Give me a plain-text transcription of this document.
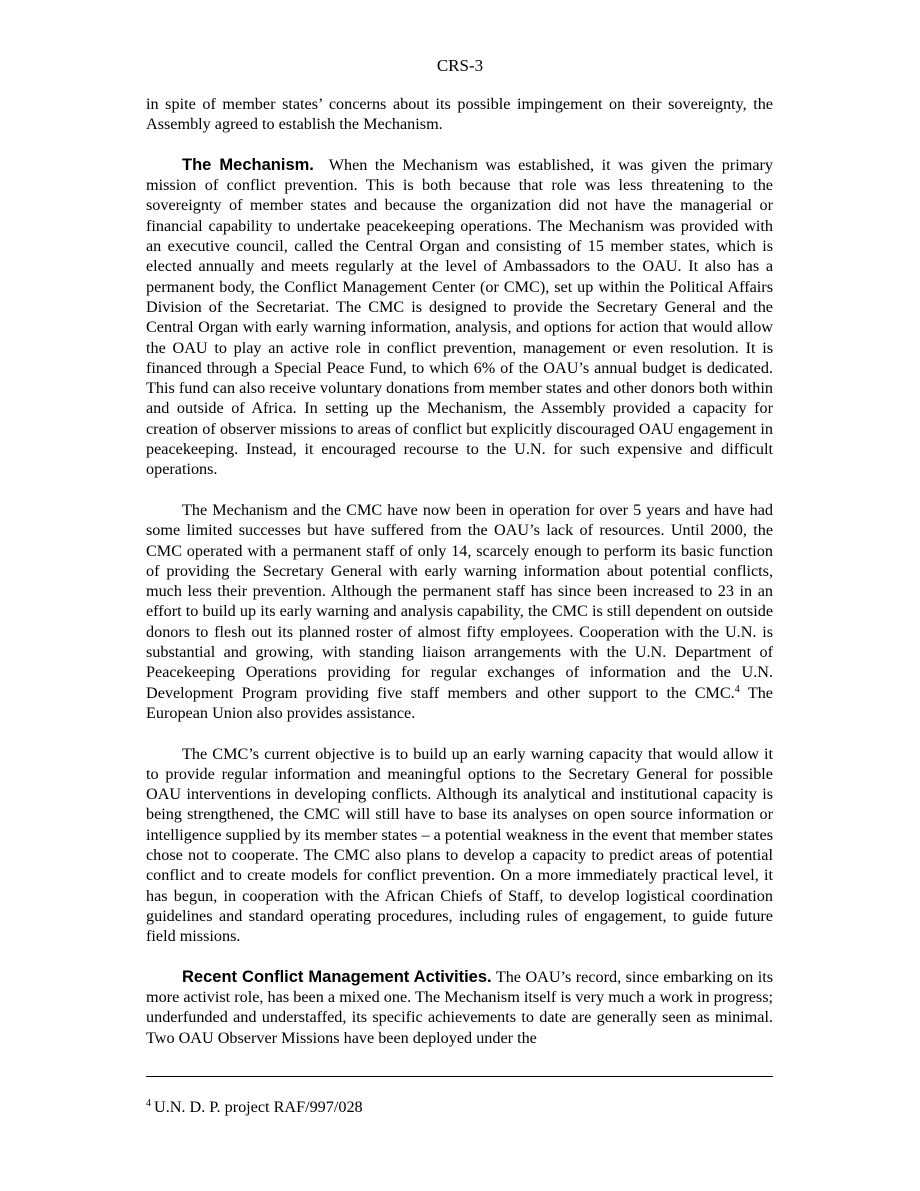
CRS-3

in spite of member states’ concerns about its possible impingement on their sovereignty, the Assembly agreed to establish the Mechanism.

The Mechanism. When the Mechanism was established, it was given the primary mission of conflict prevention. This is both because that role was less threatening to the sovereignty of member states and because the organization did not have the managerial or financial capability to undertake peacekeeping operations. The Mechanism was provided with an executive council, called the Central Organ and consisting of 15 member states, which is elected annually and meets regularly at the level of Ambassadors to the OAU. It also has a permanent body, the Conflict Management Center (or CMC), set up within the Political Affairs Division of the Secretariat. The CMC is designed to provide the Secretary General and the Central Organ with early warning information, analysis, and options for action that would allow the OAU to play an active role in conflict prevention, management or even resolution. It is financed through a Special Peace Fund, to which 6% of the OAU’s annual budget is dedicated. This fund can also receive voluntary donations from member states and other donors both within and outside of Africa. In setting up the Mechanism, the Assembly provided a capacity for creation of observer missions to areas of conflict but explicitly discouraged OAU engagement in peacekeeping. Instead, it encouraged recourse to the U.N. for such expensive and difficult operations.

The Mechanism and the CMC have now been in operation for over 5 years and have had some limited successes but have suffered from the OAU’s lack of resources. Until 2000, the CMC operated with a permanent staff of only 14, scarcely enough to perform its basic function of providing the Secretary General with early warning information about potential conflicts, much less their prevention. Although the permanent staff has since been increased to 23 in an effort to build up its early warning and analysis capability, the CMC is still dependent on outside donors to flesh out its planned roster of almost fifty employees. Cooperation with the U.N. is substantial and growing, with standing liaison arrangements with the U.N. Department of Peacekeeping Operations providing for regular exchanges of information and the U.N. Development Program providing five staff members and other support to the CMC.$^4$ The European Union also provides assistance.

The CMC’s current objective is to build up an early warning capacity that would allow it to provide regular information and meaningful options to the Secretary General for possible OAU interventions in developing conflicts. Although its analytical and institutional capacity is being strengthened, the CMC will still have to base its analyses on open source information or intelligence supplied by its member states – a potential weakness in the event that member states chose not to cooperate. The CMC also plans to develop a capacity to predict areas of potential conflict and to create models for conflict prevention. On a more immediately practical level, it has begun, in cooperation with the African Chiefs of Staff, to develop logistical coordination guidelines and standard operating procedures, including rules of engagement, to guide future field missions.

Recent Conflict Management Activities. The OAU’s record, since embarking on its more activist role, has been a mixed one. The Mechanism itself is very much a work in progress; underfunded and understaffed, its specific achievements to date are generally seen as minimal. Two OAU Observer Missions have been deployed under the

$^4$ U.N. D. P. project RAF/997/028
